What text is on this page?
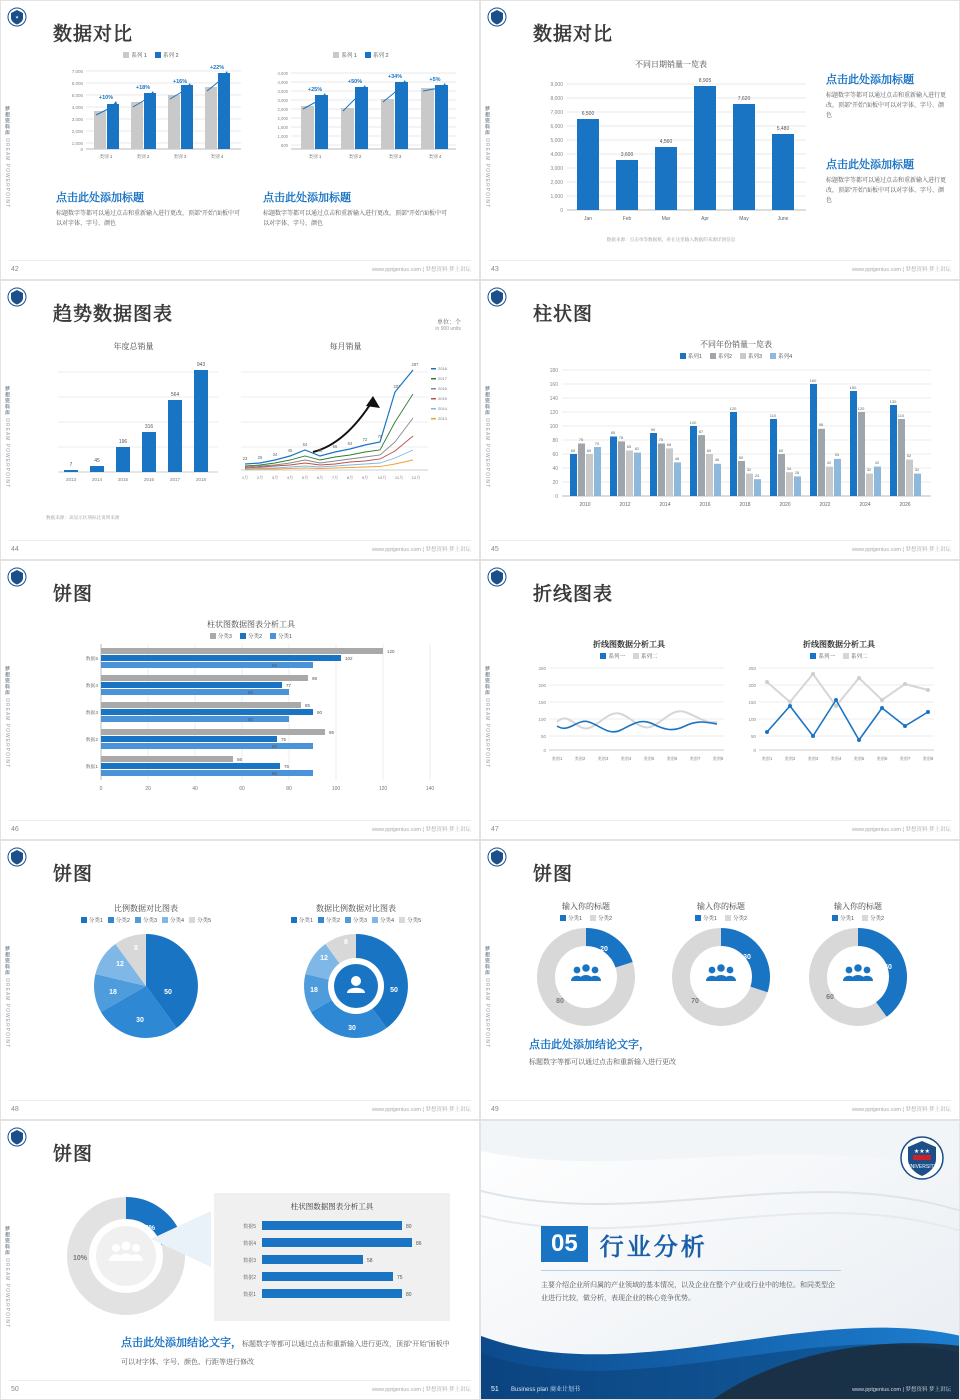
★
梦想资料库 DREAM POWERPOINT
数据对比
系列 1	系列 2
7,000
6,000
5,000
4,000
3,000
2,000
1,000
0
+10%
+18%
+16%
+22%
类别 1	类别 2	类别 3	类别 4
系列 1	系列 2
4,500
4,000
3,500
3,000
2,500
2,000
1,500
1,000
500
+25%
+50%
+34%	+5%
类别 1	类别 2	类别 3	类别 4
点击此处添加标题
标题数字等都可以通过点击和重新输入进行更改，顶部“开始”面板中可以对字体、字号、颜色
点击此处添加标题
标题数字等都可以通过点击和重新输入进行更改，顶部“开始”面板中可以对字体、字号、颜色
42	www.pptgenius.com | 梦想资料 梦上讲坛
梦想资料库 DREAM POWERPOINT
数据对比
不同日期销量一览表
9,000
8,000
7,000
6,000
5,000
4,000
3,000
2,000
1,000
0
6,500
3,600
4,560
8,905
7,620
5,480
Jan	Feb	Mar	Apr	May	June
数据来源：点击单等数据框，看在这里输入数据的来源详情信息
点击此处添加标题
标题数字等都可以通过点击和重新输入进行更改，顶部“开始”面板中可以对字体、字号、颜色
点击此处添加标题
标题数字等都可以通过点击和重新输入进行更改，顶部“开始”面板中可以对字体、字号、颜色
43	www.pptgenius.com | 梦想资料 梦上讲坛
梦想资料库 DREAM POWERPOINT
趋势数据图表	单位：个
in 900 units
年度总销量
7
45
196
316
564
943
2013	2014	2015	2016	2017	2018
每月销量
23 25
34
45
64
46
56
62
72
76
207
287
1月 2月 3月 4月 5月 6月 7月 8月 9月 10月 11月 12月
2018
2017
2016
2015
2014
2013
数据来源：该显示区域标注说明来源
44	www.pptgenius.com | 梦想资料 梦上讲坛
梦想资料库 DREAM POWERPOINT
柱状图
不同年份销量一览表
系列1	系列2	系列3	系列4
180
160
140
120
100
80
60
40
20
0
60
75
60
70
85
78
65 62
90
75
68
48
100
87
60
46
120
50
32
24
110
60
34
28
160
96
42
53
150
120
32
42
130
110
52
32
2010	2012	2014	2016	2018	2020	2022	2024	2026
45	www.pptgenius.com | 梦想资料 梦上讲坛
梦想资料库 DREAM POWERPOINT
饼图
柱状图数据图表分析工具
分类3	分类2	分类1
120
102
90
98
77
80
85
90
80
95
75
90
56
76
90
数据5
数据4
数据3
数据2
数据1
0	20	40	60	80	100	120	140
46	www.pptgenius.com | 梦想资料 梦上讲坛
梦想资料库 DREAM POWERPOINT
折线图表
折线图数据分析工具
系列一	系列二
250
200
150
100
50
0
类别1	类别2	类别3	类别4	类别5	类别6	类别7	类别8
折线图数据分析工具
系列一	系列二
250
200
150
100
50
0
类别1	类别2	类别3	类别4	类别5	类别6	类别7	类别8
47	www.pptgenius.com | 梦想资料 梦上讲坛
梦想资料库 DREAM POWERPOINT
饼图
比例数据对比图表
分类1	分类2	分类3	分类4	分类5
50
30
18
12
8
数据比例数据对比图表
分类1	分类2	分类3	分类4	分类5
50
30
18
12
8
48	www.pptgenius.com | 梦想资料 梦上讲坛
梦想资料库 DREAM POWERPOINT
饼图
输入你的标题
分类1	分类2
20
80
输入你的标题
分类1	分类2
30
70
输入你的标题
分类1	分类2
40
60
点击此处添加结论文字，
标题数字等都可以通过点击和重新输入进行更改
49	www.pptgenius.com | 梦想资料 梦上讲坛
梦想资料库 DREAM POWERPOINT
饼图
20%
10%
柱状图数据图表分析工具
数据5
数据4
数据3
数据2
数据1
80
86
58
75
80
点击此处添加结论文字，标题数字等都可以通过点击和重新输入进行更改，顶部“开始”面板中可以对字体、字号、颜色、行距等进行修改
50	www.pptgenius.com | 梦想资料 梦上讲坛
★★★
UNIVERSITY
05 行业分析
主要介绍企业所归属的产业领域的基本情况，以及企业在整个产业或行业中的地位。和同类型企业进行比较，做分析，表现企业的核心竞争优势。
51 Business plan 商业计划书	www.pptgenius.com | 梦想资料 梦上讲坛
